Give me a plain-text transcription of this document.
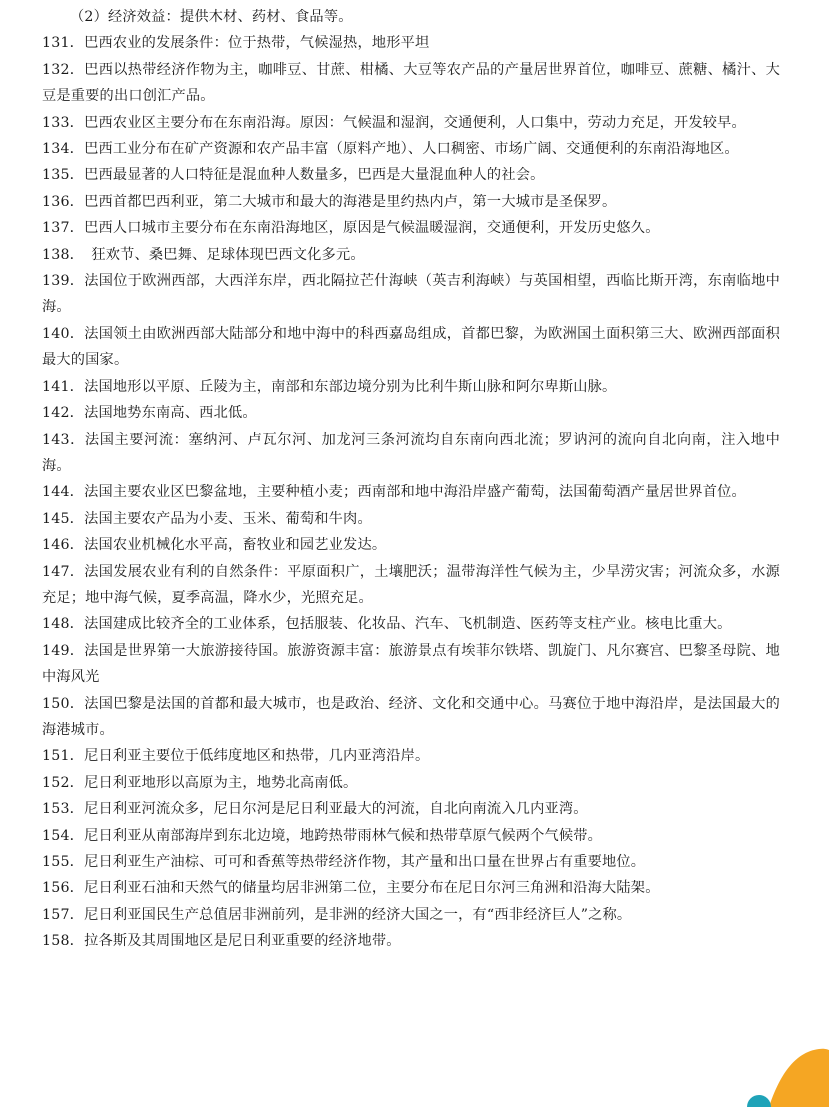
（2）经济效益：提供木材、药材、食品等。

131．巴西农业的发展条件：位于热带，气候湿热，地形平坦

132．巴西以热带经济作物为主，咖啡豆、甘蔗、柑橘、大豆等农产品的产量居世界首位，咖啡豆、蔗糖、橘汁、大豆是重要的出口创汇产品。

133．巴西农业区主要分布在东南沿海。原因：气候温和湿润，交通便利，人口集中，劳动力充足，开发较早。

134．巴西工业分布在矿产资源和农产品丰富（原料产地）、人口稠密、市场广阔、交通便利的东南沿海地区。

135．巴西最显著的人口特征是混血种人数量多，巴西是大量混血种人的社会。

136．巴西首都巴西利亚，第二大城市和最大的海港是里约热内卢，第一大城市是圣保罗。

137．巴西人口城市主要分布在东南沿海地区，原因是气候温暖湿润，交通便利，开发历史悠久。

138．　狂欢节、桑巴舞、足球体现巴西文化多元。

139．法国位于欧洲西部，大西洋东岸，西北隔拉芒什海峡（英吉利海峡）与英国相望，西临比斯开湾，东南临地中海。

140．法国领土由欧洲西部大陆部分和地中海中的科西嘉岛组成，首都巴黎，为欧洲国土面积第三大、欧洲西部面积最大的国家。

141．法国地形以平原、丘陵为主，南部和东部边境分别为比利牛斯山脉和阿尔卑斯山脉。

142．法国地势东南高、西北低。

143．法国主要河流：塞纳河、卢瓦尔河、加龙河三条河流均自东南向西北流；罗讷河的流向自北向南，注入地中海。

144．法国主要农业区巴黎盆地，主要种植小麦；西南部和地中海沿岸盛产葡萄，法国葡萄酒产量居世界首位。

145．法国主要农产品为小麦、玉米、葡萄和牛肉。

146．法国农业机械化水平高，畜牧业和园艺业发达。

147．法国发展农业有利的自然条件：平原面积广，土壤肥沃；温带海洋性气候为主，少旱涝灾害；河流众多，水源充足；地中海气候，夏季高温，降水少，光照充足。

148．法国建成比较齐全的工业体系，包括服装、化妆品、汽车、飞机制造、医药等支柱产业。核电比重大。

149．法国是世界第一大旅游接待国。旅游资源丰富：旅游景点有埃菲尔铁塔、凯旋门、凡尔赛宫、巴黎圣母院、地中海风光

150．法国巴黎是法国的首都和最大城市，也是政治、经济、文化和交通中心。马赛位于地中海沿岸，是法国最大的海港城市。

151．尼日利亚主要位于低纬度地区和热带，几内亚湾沿岸。

152．尼日利亚地形以高原为主，地势北高南低。

153．尼日利亚河流众多，尼日尔河是尼日利亚最大的河流，自北向南流入几内亚湾。

154．尼日利亚从南部海岸到东北边境，地跨热带雨林气候和热带草原气候两个气候带。

155．尼日利亚生产油棕、可可和香蕉等热带经济作物，其产量和出口量在世界占有重要地位。

156．尼日利亚石油和天然气的储量均居非洲第二位，主要分布在尼日尔河三角洲和沿海大陆架。

157．尼日利亚国民生产总值居非洲前列，是非洲的经济大国之一，有“西非经济巨人”之称。

158．拉各斯及其周围地区是尼日利亚重要的经济地带。
